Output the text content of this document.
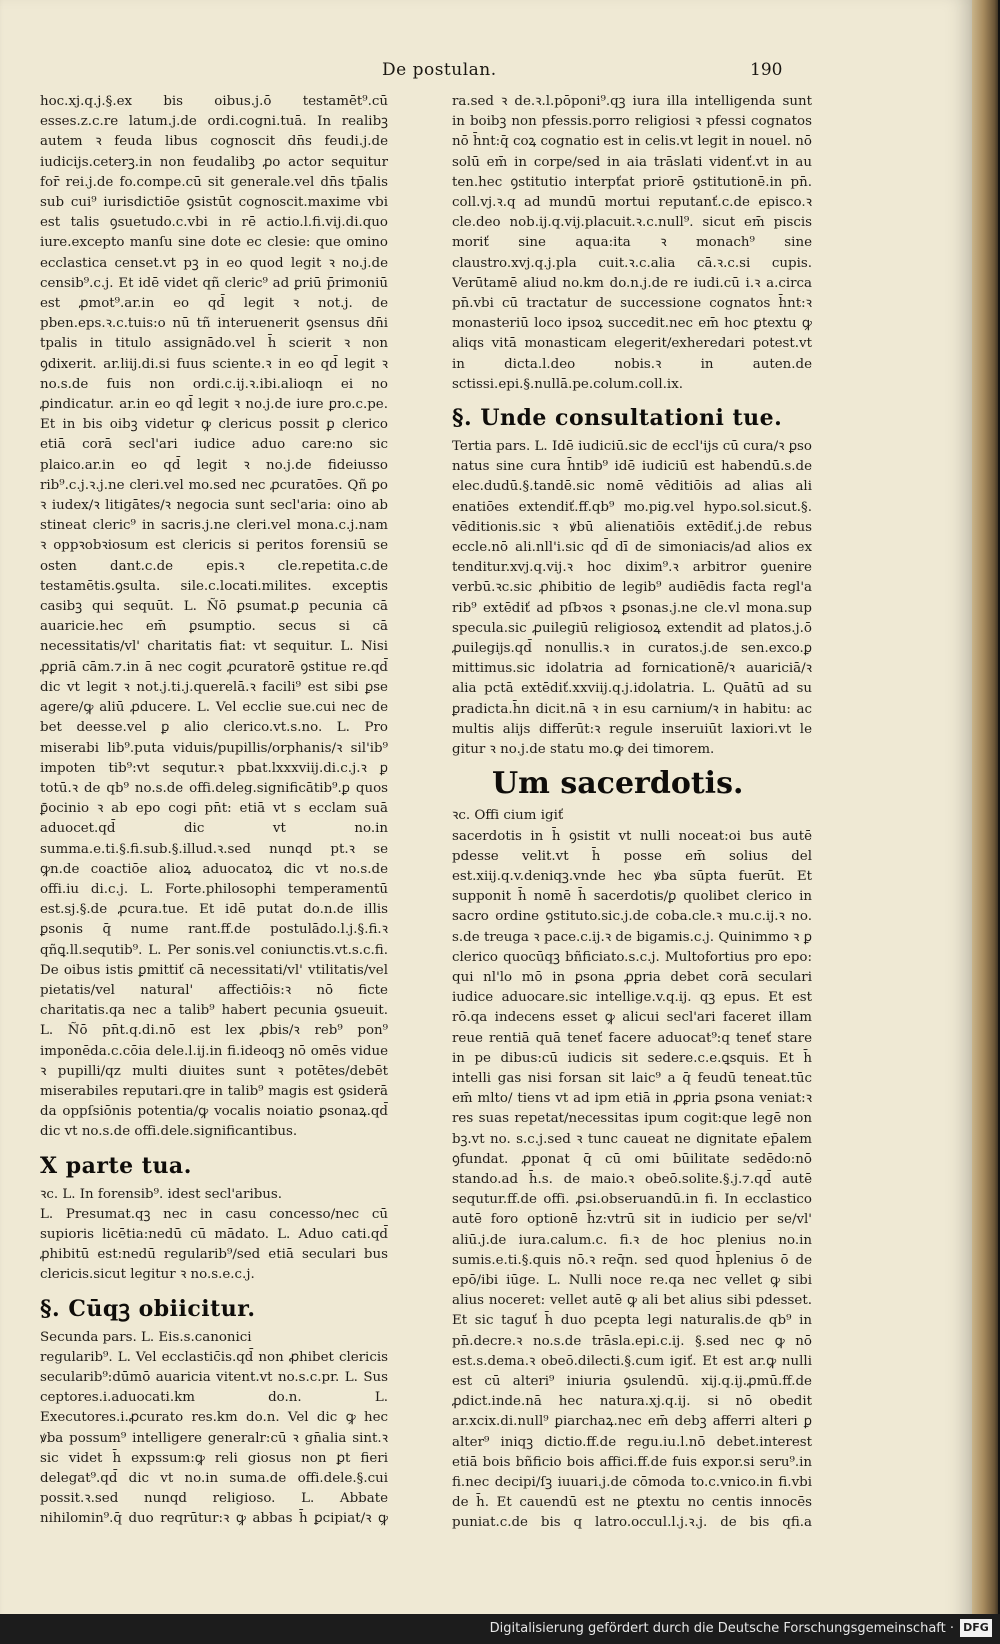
De postulan.	190

hoc.xj.q.j.§.ex bis oibus.j.ō testamēt⁹.cū esses.z.c.re latum.j.de ordi.cogni.tuā. In realibꝫ autem ꝛ feuda libus cognoscit dn̄s feudi.j.de iudicijs.ceterꝫ.in non feudalibꝫ ꝓo actor sequitur for̄ rei.j.de fo.compe.cū sit generale.vel dn̄s tp̄alis sub cui⁹ iurisdictiōe ꝯsistūt cognoscit.maxime vbi est talis ꝯsuetudo.c.vbi in rē actio.l.fi.vij.di.quo iure.excepto manſu sine dote ec clesie: que omino ecclastica censet.vt pꝫ in eo quod legit ꝛ no.j.de censib⁹.c.j. Et idē videt qñ cleric⁹ ad ꝑriū p̄rimoniū est ꝓmot⁹.ar.in eo qd̄ legit ꝛ not.j. de pben.eps.ꝛ.c.tuis:o nū tñ interuenerit ꝯsensus dn̄i tpalis in titulo assignādo.vel h̄ scierit ꝛ non ꝯdixerit. ar.liij.di.si fuus sciente.ꝛ in eo qd̄ legit ꝛ no.s.de fuis non ordi.c.ij.ꝛ.ibi.alioqn ei no ꝓindicatur. ar.in eo qd̄ legit ꝛ no.j.de iure ꝑro.c.pe. Et in bis oibꝫ videtur ꝙ clericus possit ꝑ clerico etiā corā secl'ari iudice aduo care:no sic plaico.ar.in eo qd̄ legit ꝛ no.j.de fideiusso rib⁹.c.j.ꝛ.j.ne cleri.vel mo.sed nec ꝓcuratōes. Qñ ꝑo ꝛ iudex/ꝛ litigātes/ꝛ negocia sunt secl'aria: oino ab stineat cleric⁹ in sacris.j.ne cleri.vel mona.c.j.nam ꝛ oppꝛobꝛiosum est clericis si peritos forensiū se osten dant.c.de epis.ꝛ cle.repetita.c.de testamētis.ꝯsulta. sile.c.locati.milites. exceptis casibꝫ qui sequūt. L. Ñō ꝑsumat.ꝑ pecunia cā auaricie.hec em̄ ꝑsumptio. secus si cā necessitatis/vl' charitatis fiat: vt sequitur. L. Nisi ꝓꝑriā cām.⁊.in ā nec cogit ꝓcuratorē ꝯstitue re.qd̄ dic vt legit ꝛ not.j.ti.j.querelā.ꝛ facili⁹ est sibi ꝑse agere/ꝙ aliū ꝓducere. L. Vel ecclie sue.cui nec de bet deesse.vel ꝑ alio clerico.vt.s.no. L. Pro miserabi lib⁹.puta viduis/pupillis/orphanis/ꝛ sil'ib⁹ impoten tib⁹:vt sequtur.ꝛ pbat.lxxxviij.di.c.j.ꝛ ꝑ totū.ꝛ de qb⁹ no.s.de offi.deleg.significātib⁹.ꝑ quos ꝑ̄ocinio ꝛ ab epo cogi pn̄t: etiā vt s ecclam suā aduocet.qd̄ dic vt no.in summa.e.ti.§.fi.sub.§.illud.ꝛ.sed nunqd pt.ꝛ se ꝙn.de coactiōe alioꝝ aduocatoꝝ dic vt no.s.de offi.iu di.c.j. L. Forte.philosophi temperamentū est.sj.§.de ꝓcura.tue. Et idē putat do.n.de illis ꝑsonis q̄ nume rant.ff.de postulādo.l.j.§.fi.ꝛ qñꝗ.ll.sequtib⁹. L. Per sonis.vel coniunctis.vt.s.c.fi. De oibus istis ꝑmittiť cā necessitati/vl' vtilitatis/vel pietatis/vel natural' affectiōis:ꝛ nō ficte charitatis.qa nec a talib⁹ habert pecunia ꝯsueuit. L. Ñō pn̄t.q.di.nō est lex ꝓbis/ꝛ reb⁹ pon⁹ imponēda.c.cōia dele.l.ij.in fi.ideoqꝫ nō omēs vidue ꝛ pupilli/qz multi diuites sunt ꝛ potētes/debēt miserabiles reputari.qre in talib⁹ magis est ꝯsiderā da oppſsiōnis potentia/ꝙ vocalis noiatio ꝑsonaꝝ.qd̄ dic vt no.s.de offi.dele.significantibus.

X parte tua.

ꝛc. L. In forensib⁹. idest secl'aribus.

L. Presumat.qꝫ nec in casu concesso/nec cū supioris licētia:nedū cū mādato. L. Aduo cati.qd̄ ꝓhibitū est:nedū regularib⁹/sed etiā seculari bus clericis.sicut legitur ꝛ no.s.e.c.j.

§. Cūqꝫ obiicitur.

Secunda pars. L. Eis.s.canonici

regularib⁹. L. Vel ecclastic̄is.qd̄ non ꝓhibet clericis secularib⁹:dūmō auaricia vitent.vt no.s.c.pr. L. Sus ceptores.i.aduocati.km do.n. L. Executores.i.ꝓcurato res.km do.n. Vel dic ꝙ hec ꝟba possum⁹ intelligere generalr:cū ꝛ gn̄alia sint.ꝛ sic videt h̄ expssum:ꝙ reli giosus non ꝑt fieri delegat⁹.qd̄ dic vt no.in suma.de offi.dele.§.cui possit.ꝛ.sed nunqd religioso. L. Abbate nihilomin⁹.q̄ duo reqrūtur:ꝛ ꝙ abbas h̄ ꝑcipiat/ꝛ ꝙ

ra.sed ꝛ de.ꝛ.l.pōponi⁹.qꝫ iura illa intelligenda sunt in boibꝫ non pfessis.porro religiosi ꝛ pfessi cognatos nō h̄nt:q̄ coꝝ cognatio est in celis.vt legit in nouel. nō solū em̄ in corpe/sed in aia trāslati videnť.vt in au ten.hec ꝯstitutio interpťat priorē ꝯstitutionē.in pn̄. coll.vj.ꝛ.q ad mundū mortui reputanť.c.de episco.ꝛ cle.deo nob.ij.q.vij.placuit.ꝛ.c.null⁹. sicut em̄ piscis moriť sine aqua:ita ꝛ monach⁹ sine claustro.xvj.q.j.pla cuit.ꝛ.c.alia cā.ꝛ.c.si cupis. Verūtamē aliud no.km do.n.j.de re iudi.cū i.ꝛ a.circa pn̄.vbi cū tractatur de successione cognatos h̄nt:ꝛ monasteriū loco ipsoꝝ succedit.nec em̄ hoc ꝑtextu ꝙ aliqs vitā monasticam elegerit/exheredari potest.vt in dicta.l.deo nobis.ꝛ in auten.de sctissi.epi.§.nullā.pe.colum.coll.ix.

§. Unde consultationi tue.

Tertia pars. L. Idē iudiciū.sic de eccl'ijs cū cura/ꝛ ꝑso natus sine cura h̄ntib⁹ idē iudiciū est habendū.s.de elec.dudū.§.tandē.sic nomē vēditiōis ad alias ali enatiōes extendiť.ff.qb⁹ mo.pig.vel hypo.sol.sicut.§. vēditionis.sic ꝛ ꝟbū alienatiōis extēdiť.j.de rebus eccle.nō ali.nll'i.sic qd̄ dī de simoniacis/ad alios ex tenditur.xvj.q.vij.ꝛ hoc dixim⁹.ꝛ arbitror ꝯuenire verbū.ꝛc.sic ꝓhibitio de legib⁹ audiēdis facta regl'a rib⁹ extēdiť ad pſbꝛos ꝛ ꝑsonas.j.ne cle.vl mona.sup specula.sic ꝓuilegiū religiosoꝝ extendit ad platos.j.ō ꝓuilegijs.qd̄ nonullis.ꝛ in curatos.j.de sen.exco.ꝑ mittimus.sic idolatria ad fornicationē/ꝛ auariciā/ꝛ alia pctā extēdiť.xxviij.q.j.idolatria. L. Quātū ad su ꝑradicta.h̄n dicit.nā ꝛ in esu carnium/ꝛ in habitu: ac multis alijs differūt:ꝛ regule inseruiūt laxiori.vt le gitur ꝛ no.j.de statu mo.ꝙ dei timorem.

Um sacerdotis.

ꝛc. Offi cium igiť

sacerdotis in h̄ ꝯsistit vt nulli noceat:oi bus autē pdesse velit.vt h̄ posse em̄ solius del est.xiij.q.v.deniqꝫ.vnde hec ꝟba sūpta fuerūt. Et supponit h̄ nomē h̄ sacerdotis/ꝑ quolibet clerico in sacro ordine ꝯstituto.sic.j.de coba.cle.ꝛ mu.c.ij.ꝛ no. s.de treuga ꝛ pace.c.ij.ꝛ de bigamis.c.j. Quinimmo ꝛ ꝑ clerico quocūqꝫ bñficiato.s.c.j. Multofortius pro epo: qui nl'lo mō in ꝑsona ꝓꝑria debet corā seculari iudice aduocare.sic intellige.v.q.ij. qꝫ epus. Et est rō.qa indecens esset ꝙ alicui secl'ari faceret illam reue rentiā quā teneť facere aduocat⁹:q teneť stare in pe dibus:cū iudicis sit sedere.c.e.ꝗsquis. Et h̄ intelli gas nisi forsan sit laic⁹ a q̄ feudū teneat.tūc em̄ mlto/ tiens vt ad ipm etiā in ꝓꝑria ꝑsona veniat:ꝛ res suas repetat/necessitas ipum cogit:que legē non bꝫ.vt no. s.c.j.sed ꝛ tunc caueat ne dignitate ep̄alem ꝯfundat. ꝓponat q̄ cū omi būilitate sedēdo:nō stando.ad h̄.s. de maio.ꝛ obeō.solite.§.j.⁊.qd̄ autē sequtur.ff.de offi. ꝓsi.obseruandū.in fi. In ecclastico autē foro optionē h̄z:vtrū sit in iudicio per se/vl' aliū.j.de iura.calum.c. fi.ꝛ de hoc plenius no.in sumis.e.ti.§.quis nō.ꝛ req̄n. sed quod h̄plenius ō de epō/ibi iūge. L. Nulli noce re.qa nec vellet ꝙ sibi alius noceret: vellet autē ꝙ ali bet alius sibi pdesset. Et sic taguť h̄ duo pcepta legi naturalis.de qb⁹ in pn̄.decre.ꝛ no.s.de trāsla.epi.c.ij. §.sed nec ꝙ nō est.s.dema.ꝛ obeō.dilecti.§.cum igiť. Et est ar.ꝙ nulli est cū alteri⁹ iniuria ꝯsulendū. xij.q.ij.ꝓmū.ff.de ꝓdict.inde.nā hec natura.xj.q.ij. si nō obedit ar.xcix.di.null⁹ ꝑiarchaꝝ.nec em̄ debꝫ afferri alteri ꝑ alter⁹ iniqꝫ dictio.ff.de regu.iu.l.nō debet.interest etiā bois bñficio bois affici.ff.de fuis expor.si seru⁹.in fi.nec decipi/ſꝫ iuuari.j.de cōmoda to.c.vnico.in fi.vbi de h̄. Et cauendū est ne ꝑtextu no centis innocēs puniat.c.de bis q latro.occul.l.j.ꝛ.j. de bis qfi.a

Digitalisierung gefördert durch die Deutsche Forschungsgemeinschaft · DFG
